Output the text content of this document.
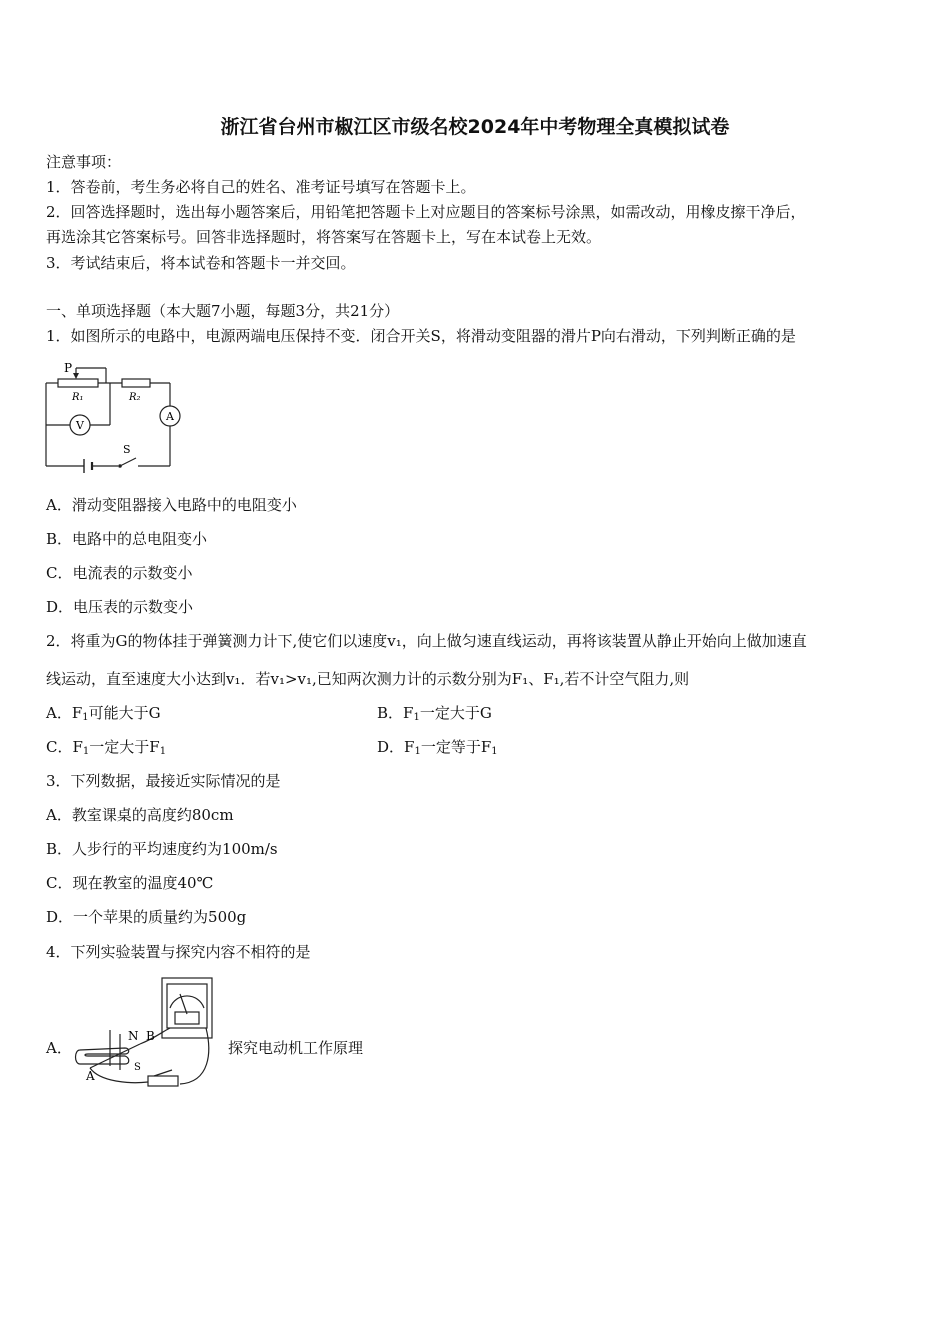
浙江省台州市椒江区市级名校2024年中考物理全真模拟试卷
注意事项：
1．答卷前，考生务必将自己的姓名、准考证号填写在答题卡上。
2．回答选择题时，选出每小题答案后，用铅笔把答题卡上对应题目的答案标号涂黑，如需改动，用橡皮擦干净后，
再选涂其它答案标号。回答非选择题时，将答案写在答题卡上，写在本试卷上无效。
3．考试结束后，将本试卷和答题卡一并交回。
一、单项选择题（本大题7小题，每题3分，共21分）
1．如图所示的电路中，电源两端电压保持不变．闭合开关S，将滑动变阻器的滑片P向右滑动，下列判断正确的是
P
R₁	R₂
A
V
S
A．滑动变阻器接入电路中的电阻变小
B．电路中的总电阻变小
C．电流表的示数变小
D．电压表的示数变小
2．将重为G的物体挂于弹簧测力计下,使它们以速度v₁，向上做匀速直线运动，再将该装置从静止开始向上做加速直
线运动，直至速度大小达到v₁．若v₁>v₁,已知两次测力计的示数分别为F₁、F₁,若不计空气阻力,则
A．$F_1$可能大于G	B．$F_1$一定大于G
C．$F_1$一定大于$F_1$	D．$F_1$一定等于$F_1$
3．下列数据，最接近实际情况的是
A．教室课桌的高度约80cm
B．人步行的平均速度约为100m/s
C．现在教室的温度40℃
D．一个苹果的质量约为500g
4．下列实验装置与探究内容不相符的是
A．
N B
A
S
探究电动机工作原理
